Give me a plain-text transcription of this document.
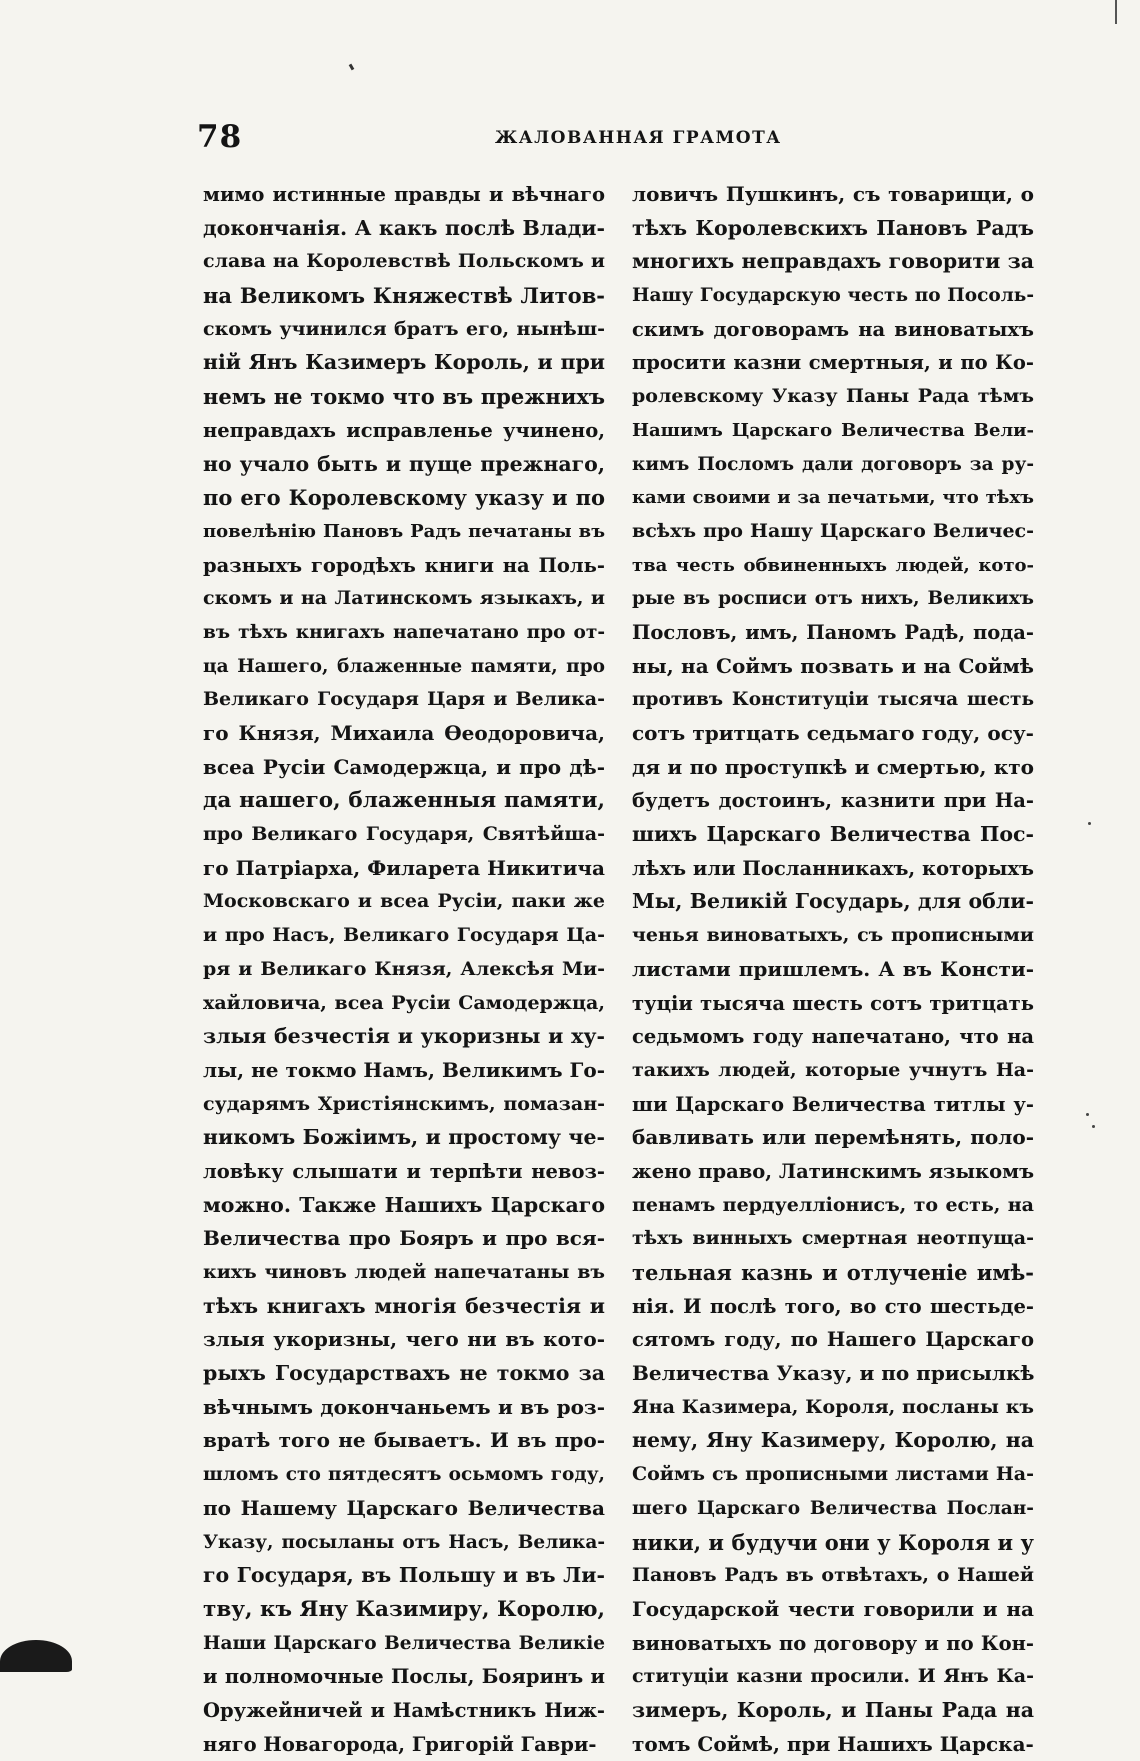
78	ЖАЛОВАННАЯ ГРАМОТА
мимо истинные правды и вѣчнаго
докончанія. А какъ послѣ Влади-
слава на Королевствѣ Польскомъ и
на Великомъ Княжествѣ Литов-
скомъ учинился братъ его, нынѣш-
ній Янъ Казимеръ Король, и при
немъ не токмо что въ прежнихъ
неправдахъ исправленье учинено,
но учало быть и пуще прежнаго,
по его Королевскому указу и по
повелѣнію Пановъ Радъ печатаны въ
разныхъ городѣхъ книги на Поль-
скомъ и на Латинскомъ языкахъ, и
въ тѣхъ книгахъ напечатано про от-
ца Нашего, блаженные памяти, про
Великаго Государя Царя и Велика-
го Князя, Михаила Ѳеодоровича,
всеа Русіи Самодержца, и про дѣ-
да нашего, блаженныя памяти,
про Великаго Государя, Святѣйша-
го Патріарха, Филарета Никитича
Московскаго и всеа Русіи, паки же
и про Насъ, Великаго Государя Ца-
ря и Великаго Князя, Алексѣя Ми-
хайловича, всеа Русіи Самодержца,
злыя безчестія и укоризны и ху-
лы, не токмо Намъ, Великимъ Го-
сударямъ Христіянскимъ, помазан-
никомъ Божіимъ, и простому че-
ловѣку слышати и терпѣти невоз-
можно. Также Нашихъ Царскаго
Величества про Бояръ и про вся-
кихъ чиновъ людей напечатаны въ
тѣхъ книгахъ многія безчестія и
злыя укоризны, чего ни въ кото-
рыхъ Государствахъ не токмо за
вѣчнымъ докончаньемъ и въ роз-
вратѣ того не бываетъ. И въ про-
шломъ сто пятдесятъ осьмомъ году,
по Нашему Царскаго Величества
Указу, посыланы отъ Насъ, Велика-
го Государя, въ Польшу и въ Ли-
тву, къ Яну Казимиру, Королю,
Наши Царскаго Величества Великіе
и полномочные Послы, Бояринъ и
Оружейничей и Намѣстникъ Ниж-
няго Новагорода, Григорій Гаври-
ловичъ Пушкинъ, съ товарищи, о
тѣхъ Королевскихъ Пановъ Радъ
многихъ неправдахъ говорити за
Нашу Государскую честь по Посоль-
скимъ договорамъ на виноватыхъ
просити казни смертныя, и по Ко-
ролевскому Указу Паны Рада тѣмъ
Нашимъ Царскаго Величества Вели-
кимъ Посломъ дали договоръ за ру-
ками своими и за печатьми, что тѣхъ
всѣхъ про Нашу Царскаго Величес-
тва честь обвиненныхъ людей, кото-
рые въ росписи отъ нихъ, Великихъ
Пословъ, имъ, Паномъ Радѣ, пода-
ны, на Соймъ позвать и на Соймѣ
противъ Конституціи тысяча шесть
сотъ тритцать седьмаго году, осу-
дя и по проступкѣ и смертью, кто
будетъ достоинъ, казнити при На-
шихъ Царскаго Величества Пос-
лѣхъ или Посланникахъ, которыхъ
Мы, Великій Государь, для обли-
ченья виноватыхъ, съ прописными
листами пришлемъ. А въ Консти-
туціи тысяча шесть сотъ тритцать
седьмомъ году напечатано, что на
такихъ людей, которые учнутъ На-
ши Царскаго Величества титлы у-
бавливать или перемѣнять, поло-
жено право, Латинскимъ языкомъ
пенамъ пердуелліонисъ, то есть, на
тѣхъ винныхъ смертная неотпуща-
тельная казнь и отлученіе имѣ-
нія. И послѣ того, во сто шестьде-
сятомъ году, по Нашего Царскаго
Величества Указу, и по присылкѣ
Яна Казимера, Короля, посланы къ
нему, Яну Казимеру, Королю, на
Соймъ съ прописными листами На-
шего Царскаго Величества Послан-
ники, и будучи они у Короля и у
Пановъ Радъ въ отвѣтахъ, о Нашей
Государской чести говорили и на
виноватыхъ по договору и по Кон-
ституціи казни просили. И Янъ Ка-
зимеръ, Король, и Паны Рада на
томъ Соймѣ, при Нашихъ Царска-
